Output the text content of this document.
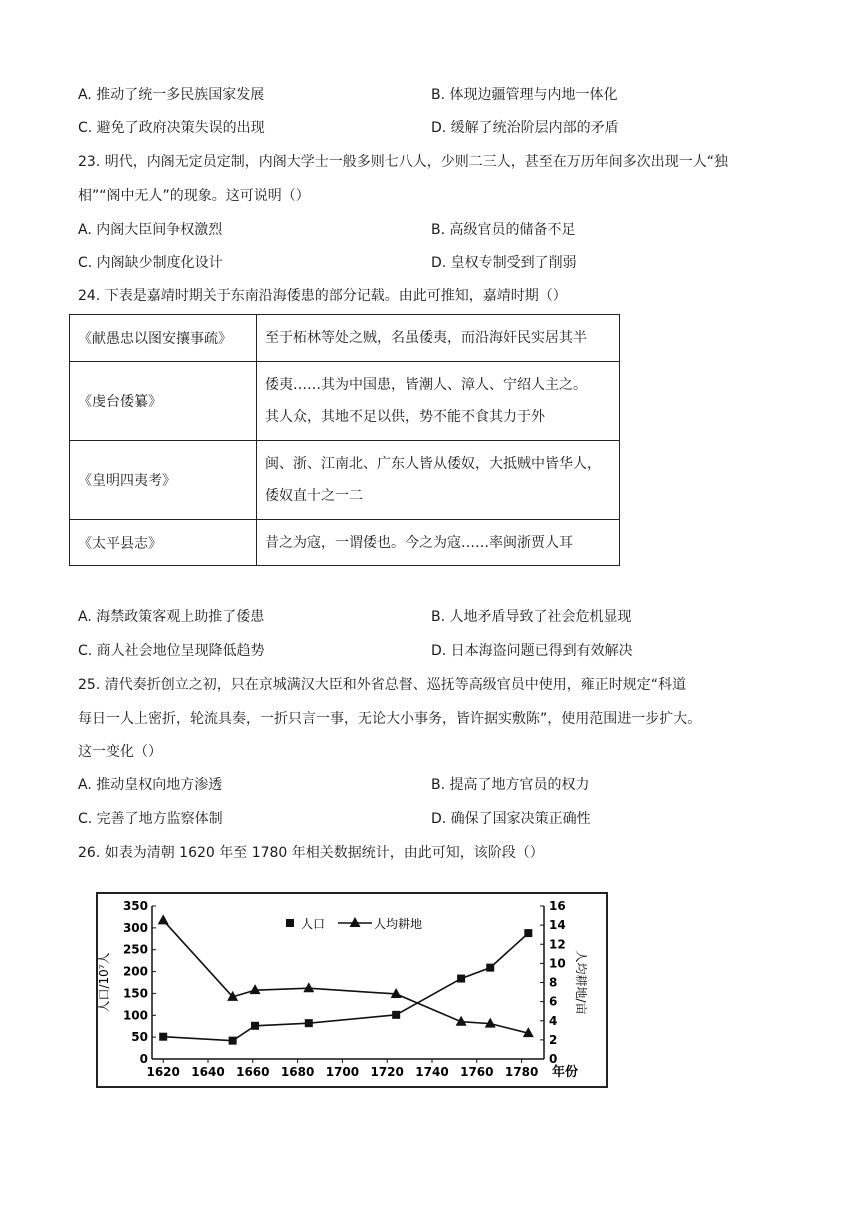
A. 推动了统一多民族国家发展	B. 体现边疆管理与内地一体化
C. 避免了政府决策失误的出现	D. 缓解了统治阶层内部的矛盾
23. 明代，内阁无定员定制，内阁大学士一般多则七八人，少则二三人，甚至在万历年间多次出现一人“独
相”“阁中无人”的现象。这可说明（）
A. 内阁大臣间争权激烈	B. 高级官员的储备不足
C. 内阁缺少制度化设计	D. 皇权专制受到了削弱
24. 下表是嘉靖时期关于东南沿海倭患的部分记载。由此可推知，嘉靖时期（）
《献愚忠以图安攘事疏》	至于柘林等处之贼，名虽倭夷，而沿海奸民实居其半

《虔台倭纂》	倭夷……其为中国患，皆潮人、漳人、宁绍人主之。
其人众，其地不足以供，势不能不食其力于外

《皇明四夷考》	闽、浙、江南北、广东人皆从倭奴，大抵贼中皆华人，
倭奴直十之一二

《太平县志》	昔之为寇，一谓倭也。今之为寇……率闽浙贾人耳
A. 海禁政策客观上助推了倭患	B. 人地矛盾导致了社会危机显现
C. 商人社会地位呈现降低趋势	D. 日本海盗问题已得到有效解决
25. 清代奏折创立之初，只在京城满汉大臣和外省总督、巡抚等高级官员中使用，雍正时规定“科道
每日一人上密折，轮流具奏，一折只言一事，无论大小事务，皆许据实敷陈”，使用范围进一步扩大。
这一变化（）
A. 推动皇权向地方渗透	B. 提高了地方官员的权力
C. 完善了地方监察体制	D. 确保了国家决策正确性
26. 如表为清朝 1620 年至 1780 年相关数据统计，由此可知，该阶段（）
0
50
100
150
200
250
300
350
0
2
4
6
8
10
12
14
16
1620 1640 1660 1680 1700 1720 1740 1760 1780 年份
人口/10⁷人	人均耕地/亩
人口	人均耕地
